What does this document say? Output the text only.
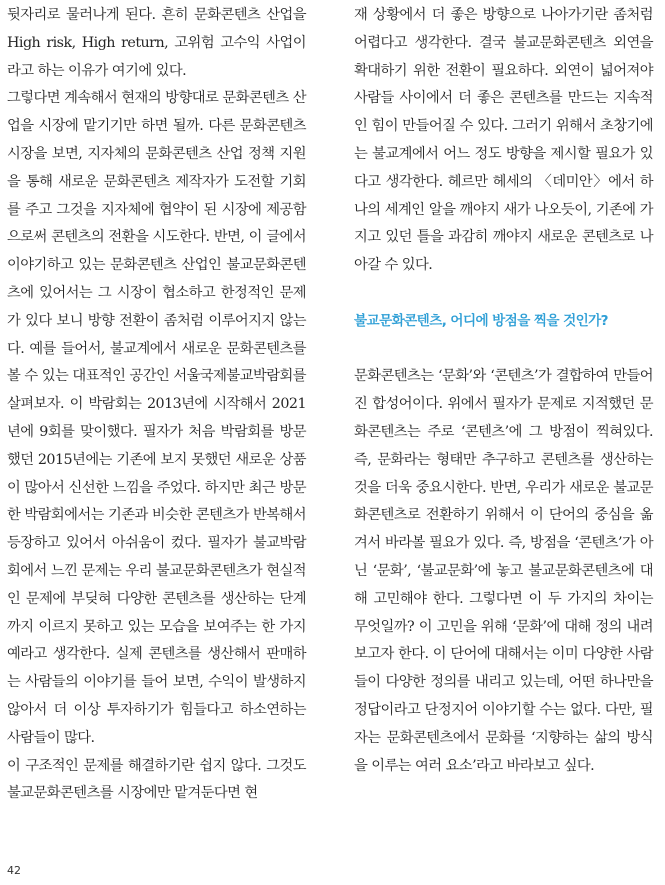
뒷자리로 물러나게 된다. 흔히 문화콘텐츠 산업을 High risk, High return, 고위험 고수익 사업이라고 하는 이유가 여기에 있다.

그렇다면 계속해서 현재의 방향대로 문화콘텐츠 산업을 시장에 맡기기만 하면 될까. 다른 문화콘텐츠 시장을 보면, 지자체의 문화콘텐츠 산업 정책 지원을 통해 새로운 문화콘텐츠 제작자가 도전할 기회를 주고 그것을 지자체에 협약이 된 시장에 제공함으로써 콘텐츠의 전환을 시도한다. 반면, 이 글에서 이야기하고 있는 문화콘텐츠 산업인 불교문화콘텐츠에 있어서는 그 시장이 협소하고 한정적인 문제가 있다 보니 방향 전환이 좀처럼 이루어지지 않는다. 예를 들어서, 불교계에서 새로운 문화콘텐츠를 볼 수 있는 대표적인 공간인 서울국제불교박람회를 살펴보자. 이 박람회는 2013년에 시작해서 2021년에 9회를 맞이했다. 필자가 처음 박람회를 방문했던 2015년에는 기존에 보지 못했던 새로운 상품이 많아서 신선한 느낌을 주었다. 하지만 최근 방문한 박람회에서는 기존과 비슷한 콘텐츠가 반복해서 등장하고 있어서 아쉬움이 컸다. 필자가 불교박람회에서 느낀 문제는 우리 불교문화콘텐츠가 현실적인 문제에 부딪혀 다양한 콘텐츠를 생산하는 단계까지 이르지 못하고 있는 모습을 보여주는 한 가지 예라고 생각한다. 실제 콘텐츠를 생산해서 판매하는 사람들의 이야기를 들어 보면, 수익이 발생하지 않아서 더 이상 투자하기가 힘들다고 하소연하는 사람들이 많다.

이 구조적인 문제를 해결하기란 쉽지 않다. 그것도 불교문화콘텐츠를 시장에만 맡겨둔다면 현

재 상황에서 더 좋은 방향으로 나아가기란 좀처럼 어렵다고 생각한다. 결국 불교문화콘텐츠 외연을 확대하기 위한 전환이 필요하다. 외연이 넓어져야 사람들 사이에서 더 좋은 콘텐츠를 만드는 지속적인 힘이 만들어질 수 있다. 그러기 위해서 초창기에는 불교계에서 어느 정도 방향을 제시할 필요가 있다고 생각한다. 헤르만 헤세의 〈데미안〉에서 하나의 세계인 알을 깨야지 새가 나오듯이, 기존에 가지고 있던 틀을 과감히 깨야지 새로운 콘텐츠로 나아갈 수 있다.

불교문화콘텐츠, 어디에 방점을 찍을 것인가?

문화콘텐츠는 ‘문화’와 ‘콘텐츠’가 결합하여 만들어진 합성어이다. 위에서 필자가 문제로 지적했던 문화콘텐츠는 주로 ‘콘텐츠’에 그 방점이 찍혀있다. 즉, 문화라는 형태만 추구하고 콘텐츠를 생산하는 것을 더욱 중요시한다. 반면, 우리가 새로운 불교문화콘텐츠로 전환하기 위해서 이 단어의 중심을 옮겨서 바라볼 필요가 있다. 즉, 방점을 ‘콘텐츠’가 아닌 ‘문화’, ‘불교문화’에 놓고 불교문화콘텐츠에 대해 고민해야 한다. 그렇다면 이 두 가지의 차이는 무엇일까? 이 고민을 위해 ‘문화’에 대해 정의 내려 보고자 한다. 이 단어에 대해서는 이미 다양한 사람들이 다양한 정의를 내리고 있는데, 어떤 하나만을 정답이라고 단정지어 이야기할 수는 없다. 다만, 필자는 문화콘텐츠에서 문화를 ‘지향하는 삶의 방식을 이루는 여러 요소’라고 바라보고 싶다.

42
